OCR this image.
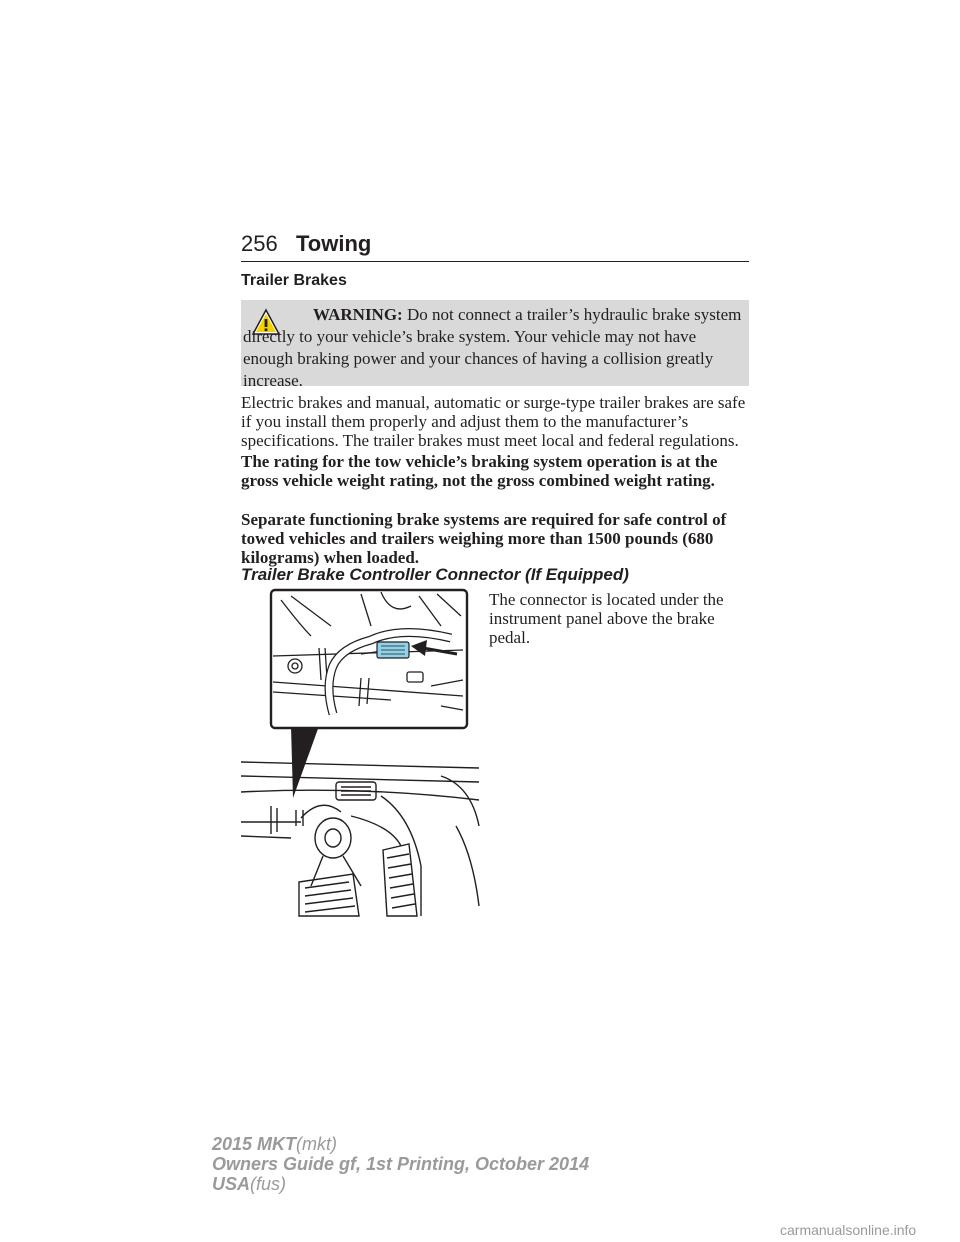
256 Towing
Trailer Brakes
WARNING: Do not connect a trailer’s hydraulic brake system directly to your vehicle’s brake system. Your vehicle may not have enough braking power and your chances of having a collision greatly increase.
Electric brakes and manual, automatic or surge-type trailer brakes are safe if you install them properly and adjust them to the manufacturer’s specifications. The trailer brakes must meet local and federal regulations.
The rating for the tow vehicle’s braking system operation is at the gross vehicle weight rating, not the gross combined weight rating.
Separate functioning brake systems are required for safe control of towed vehicles and trailers weighing more than 1500 pounds (680 kilograms) when loaded.
Trailer Brake Controller Connector (If Equipped)
The connector is located under the instrument panel above the brake pedal.
2015 MKT(mkt)
Owners Guide gf, 1st Printing, October 2014
USA(fus)
carmanualsonline.info
